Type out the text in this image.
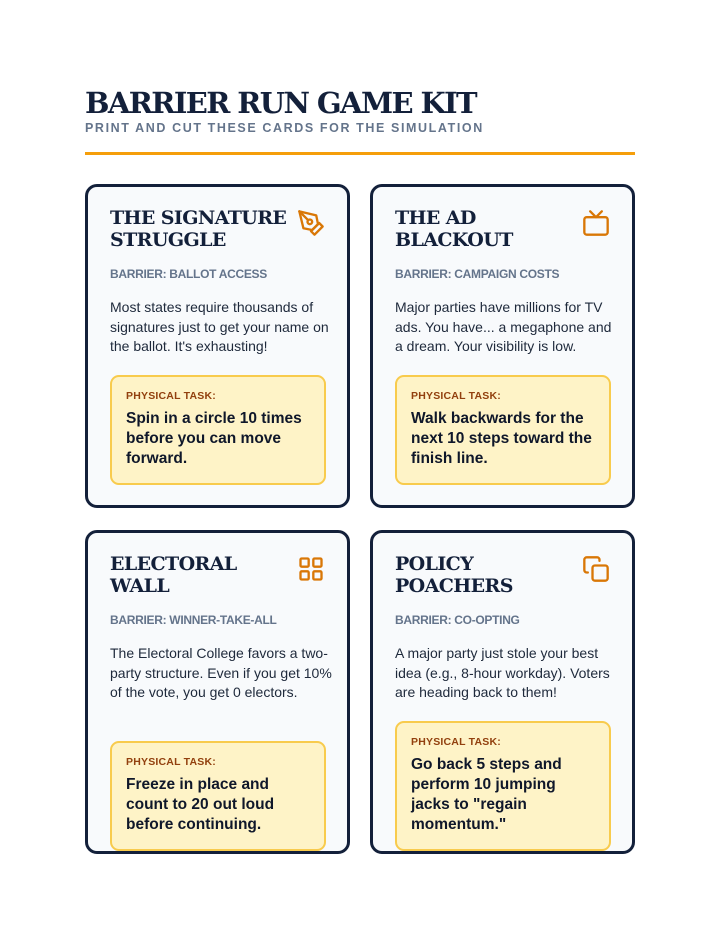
BARRIER RUN GAME KIT
PRINT AND CUT THESE CARDS FOR THE SIMULATION
THE SIGNATURE STRUGGLE
BARRIER: BALLOT ACCESS
Most states require thousands of signatures just to get your name on the ballot. It's exhausting!
PHYSICAL TASK:
Spin in a circle 10 times before you can move forward.
THE AD BLACKOUT
BARRIER: CAMPAIGN COSTS
Major parties have millions for TV ads. You have... a megaphone and a dream. Your visibility is low.
PHYSICAL TASK:
Walk backwards for the next 10 steps toward the finish line.
ELECTORAL WALL
BARRIER: WINNER-TAKE-ALL
The Electoral College favors a two-party structure. Even if you get 10% of the vote, you get 0 electors.
PHYSICAL TASK:
Freeze in place and count to 20 out loud before continuing.
POLICY POACHERS
BARRIER: CO-OPTING
A major party just stole your best idea (e.g., 8-hour workday). Voters are heading back to them!
PHYSICAL TASK:
Go back 5 steps and perform 10 jumping jacks to "regain momentum."
